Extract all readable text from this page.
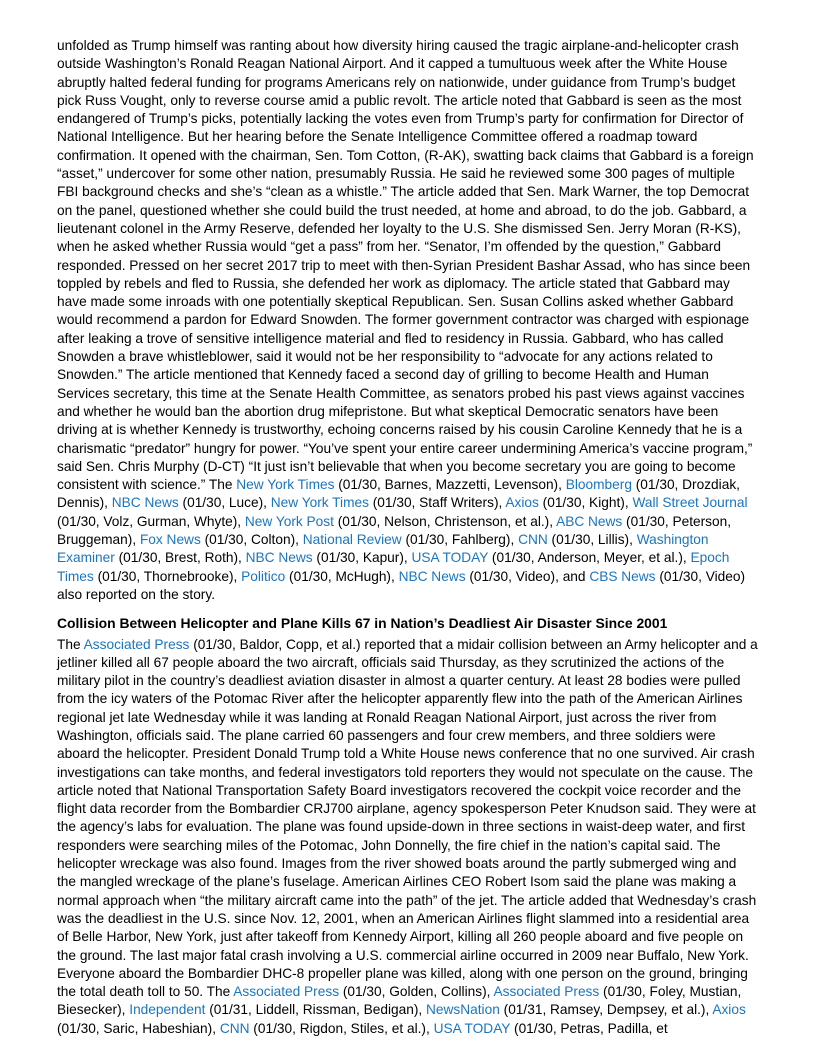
unfolded as Trump himself was ranting about how diversity hiring caused the tragic airplane-and-helicopter crash outside Washington’s Ronald Reagan National Airport. And it capped a tumultuous week after the White House abruptly halted federal funding for programs Americans rely on nationwide, under guidance from Trump’s budget pick Russ Vought, only to reverse course amid a public revolt. The article noted that Gabbard is seen as the most endangered of Trump’s picks, potentially lacking the votes even from Trump’s party for confirmation for Director of National Intelligence. But her hearing before the Senate Intelligence Committee offered a roadmap toward confirmation. It opened with the chairman, Sen. Tom Cotton, (R-AK), swatting back claims that Gabbard is a foreign “asset,” undercover for some other nation, presumably Russia. He said he reviewed some 300 pages of multiple FBI background checks and she’s “clean as a whistle.” The article added that Sen. Mark Warner, the top Democrat on the panel, questioned whether she could build the trust needed, at home and abroad, to do the job. Gabbard, a lieutenant colonel in the Army Reserve, defended her loyalty to the U.S. She dismissed Sen. Jerry Moran (R-KS), when he asked whether Russia would “get a pass” from her. “Senator, I’m offended by the question,” Gabbard responded. Pressed on her secret 2017 trip to meet with then-Syrian President Bashar Assad, who has since been toppled by rebels and fled to Russia, she defended her work as diplomacy. The article stated that Gabbard may have made some inroads with one potentially skeptical Republican. Sen. Susan Collins asked whether Gabbard would recommend a pardon for Edward Snowden. The former government contractor was charged with espionage after leaking a trove of sensitive intelligence material and fled to residency in Russia. Gabbard, who has called Snowden a brave whistleblower, said it would not be her responsibility to “advocate for any actions related to Snowden.” The article mentioned that Kennedy faced a second day of grilling to become Health and Human Services secretary, this time at the Senate Health Committee, as senators probed his past views against vaccines and whether he would ban the abortion drug mifepristone. But what skeptical Democratic senators have been driving at is whether Kennedy is trustworthy, echoing concerns raised by his cousin Caroline Kennedy that he is a charismatic “predator” hungry for power. “You’ve spent your entire career undermining America’s vaccine program,” said Sen. Chris Murphy (D-CT) “It just isn’t believable that when you become secretary you are going to become consistent with science.” The New York Times (01/30, Barnes, Mazzetti, Levenson), Bloomberg (01/30, Drozdiak, Dennis), NBC News (01/30, Luce), New York Times (01/30, Staff Writers), Axios (01/30, Kight), Wall Street Journal (01/30, Volz, Gurman, Whyte), New York Post (01/30, Nelson, Christenson, et al.), ABC News (01/30, Peterson, Bruggeman), Fox News (01/30, Colton), National Review (01/30, Fahlberg), CNN (01/30, Lillis), Washington Examiner (01/30, Brest, Roth), NBC News (01/30, Kapur), USA TODAY (01/30, Anderson, Meyer, et al.), Epoch Times (01/30, Thornebrooke), Politico (01/30, McHugh), NBC News (01/30, Video), and CBS News (01/30, Video) also reported on the story.

Collision Between Helicopter and Plane Kills 67 in Nation’s Deadliest Air Disaster Since 2001

The Associated Press (01/30, Baldor, Copp, et al.) reported that a midair collision between an Army helicopter and a jetliner killed all 67 people aboard the two aircraft, officials said Thursday, as they scrutinized the actions of the military pilot in the country’s deadliest aviation disaster in almost a quarter century. At least 28 bodies were pulled from the icy waters of the Potomac River after the helicopter apparently flew into the path of the American Airlines regional jet late Wednesday while it was landing at Ronald Reagan National Airport, just across the river from Washington, officials said. The plane carried 60 passengers and four crew members, and three soldiers were aboard the helicopter. President Donald Trump told a White House news conference that no one survived. Air crash investigations can take months, and federal investigators told reporters they would not speculate on the cause. The article noted that National Transportation Safety Board investigators recovered the cockpit voice recorder and the flight data recorder from the Bombardier CRJ700 airplane, agency spokesperson Peter Knudson said. They were at the agency’s labs for evaluation. The plane was found upside-down in three sections in waist-deep water, and first responders were searching miles of the Potomac, John Donnelly, the fire chief in the nation’s capital said. The helicopter wreckage was also found. Images from the river showed boats around the partly submerged wing and the mangled wreckage of the plane’s fuselage. American Airlines CEO Robert Isom said the plane was making a normal approach when “the military aircraft came into the path” of the jet. The article added that Wednesday’s crash was the deadliest in the U.S. since Nov. 12, 2001, when an American Airlines flight slammed into a residential area of Belle Harbor, New York, just after takeoff from Kennedy Airport, killing all 260 people aboard and five people on the ground. The last major fatal crash involving a U.S. commercial airline occurred in 2009 near Buffalo, New York. Everyone aboard the Bombardier DHC-8 propeller plane was killed, along with one person on the ground, bringing the total death toll to 50. The Associated Press (01/30, Golden, Collins), Associated Press (01/30, Foley, Mustian, Biesecker), Independent (01/31, Liddell, Rissman, Bedigan), NewsNation (01/31, Ramsey, Dempsey, et al.), Axios (01/30, Saric, Habeshian), CNN (01/30, Rigdon, Stiles, et al.), USA TODAY (01/30, Petras, Padilla, et
